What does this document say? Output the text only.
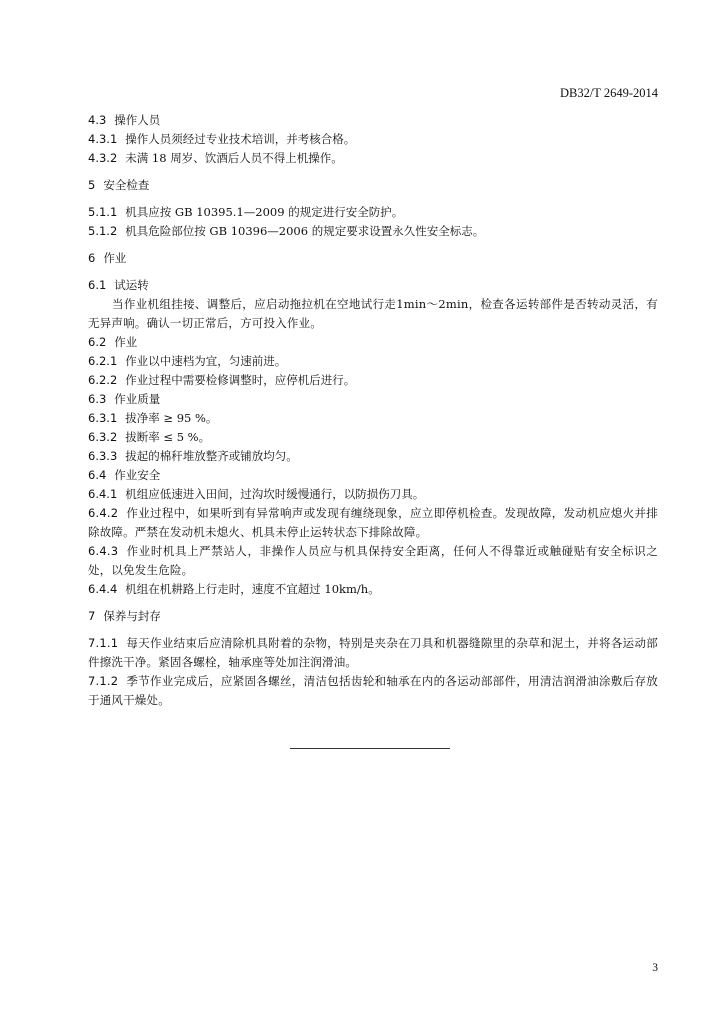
DB32/T 2649-2014
4.3 操作人员
4.3.1 操作人员须经过专业技术培训，并考核合格。
4.3.2 未满 18 周岁、饮酒后人员不得上机操作。
5 安全检查
5.1.1 机具应按 GB 10395.1—2009 的规定进行安全防护。
5.1.2 机具危险部位按 GB 10396—2006 的规定要求设置永久性安全标志。
6 作业
6.1 试运转
当作业机组挂接、调整后，应启动拖拉机在空地试行走1min～2min，检查各运转部件是否转动灵活，有无异声响。确认一切正常后，方可投入作业。
6.2 作业
6.2.1 作业以中速档为宜，匀速前进。
6.2.2 作业过程中需要检修调整时，应停机后进行。
6.3 作业质量
6.3.1 拔净率 ≥ 95 %。
6.3.2 拔断率 ≤ 5 %。
6.3.3 拔起的棉秆堆放整齐或铺放均匀。
6.4 作业安全
6.4.1 机组应低速进入田间，过沟坎时缓慢通行，以防损伤刀具。
6.4.2 作业过程中，如果听到有异常响声或发现有缠绕现象，应立即停机检查。发现故障，发动机应熄火并排除故障。严禁在发动机未熄火、机具未停止运转状态下排除故障。
6.4.3 作业时机具上严禁站人，非操作人员应与机具保持安全距离，任何人不得靠近或触碰贴有安全标识之处，以免发生危险。
6.4.4 机组在机耕路上行走时，速度不宜超过 10km/h。
7 保养与封存
7.1.1 每天作业结束后应清除机具附着的杂物，特别是夹杂在刀具和机器缝隙里的杂草和泥土，并将各运动部件擦洗干净。紧固各螺栓，轴承座等处加注润滑油。
7.1.2 季节作业完成后，应紧固各螺丝，清洁包括齿轮和轴承在内的各运动部部件，用清洁润滑油涂敷后存放于通风干燥处。
3
